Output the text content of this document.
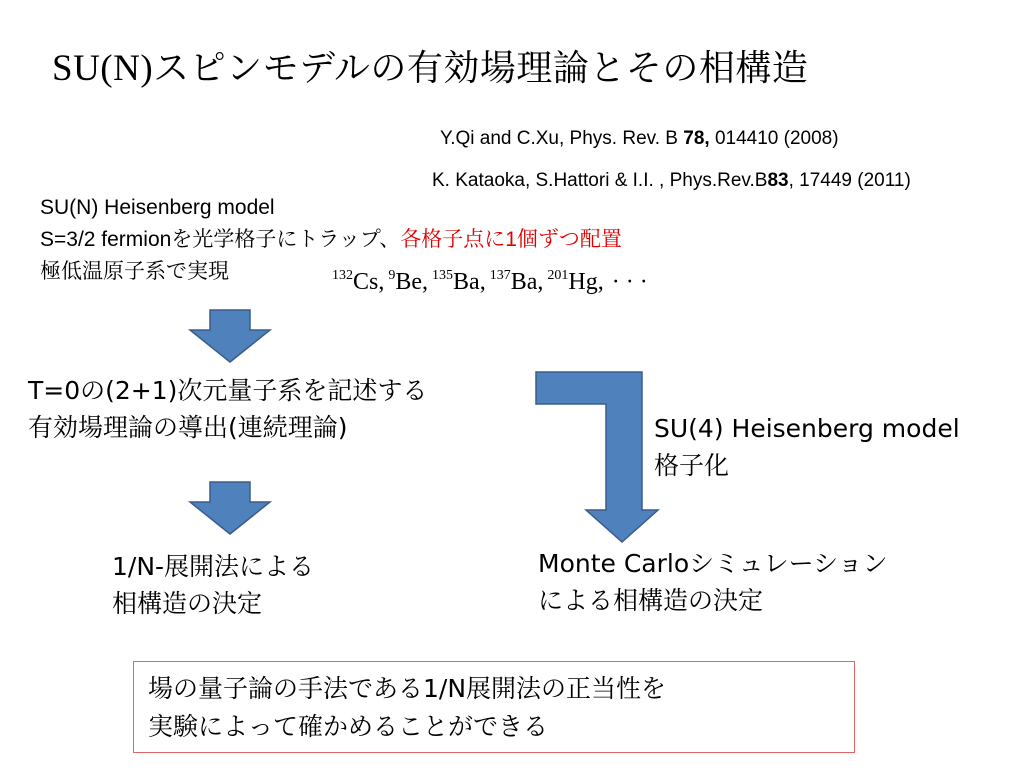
SU(N)スピンモデルの有効場理論とその相構造
Y.Qi and C.Xu, Phys. Rev. B 78, 014410 (2008)
K. Kataoka, S.Hattori & I.I. , Phys.Rev.B83, 17449 (2011)
SU(N) Heisenberg model
S=3/2 fermionを光学格子にトラップ、各格子点に1個ずつ配置
極低温原子系で実現	$^{132}$Cs, $^9$Be, $^{135}$Ba, $^{137}$Ba, $^{201}$Hg, · · ·
T=0の(2+1)次元量子系を記述する
有効場理論の導出(連続理論)	SU(4) Heisenberg model
格子化
1/N-展開法による
相構造の決定
Monte Carloシミュレーション
による相構造の決定
場の量子論の手法である1/N展開法の正当性を
実験によって確かめることができる
